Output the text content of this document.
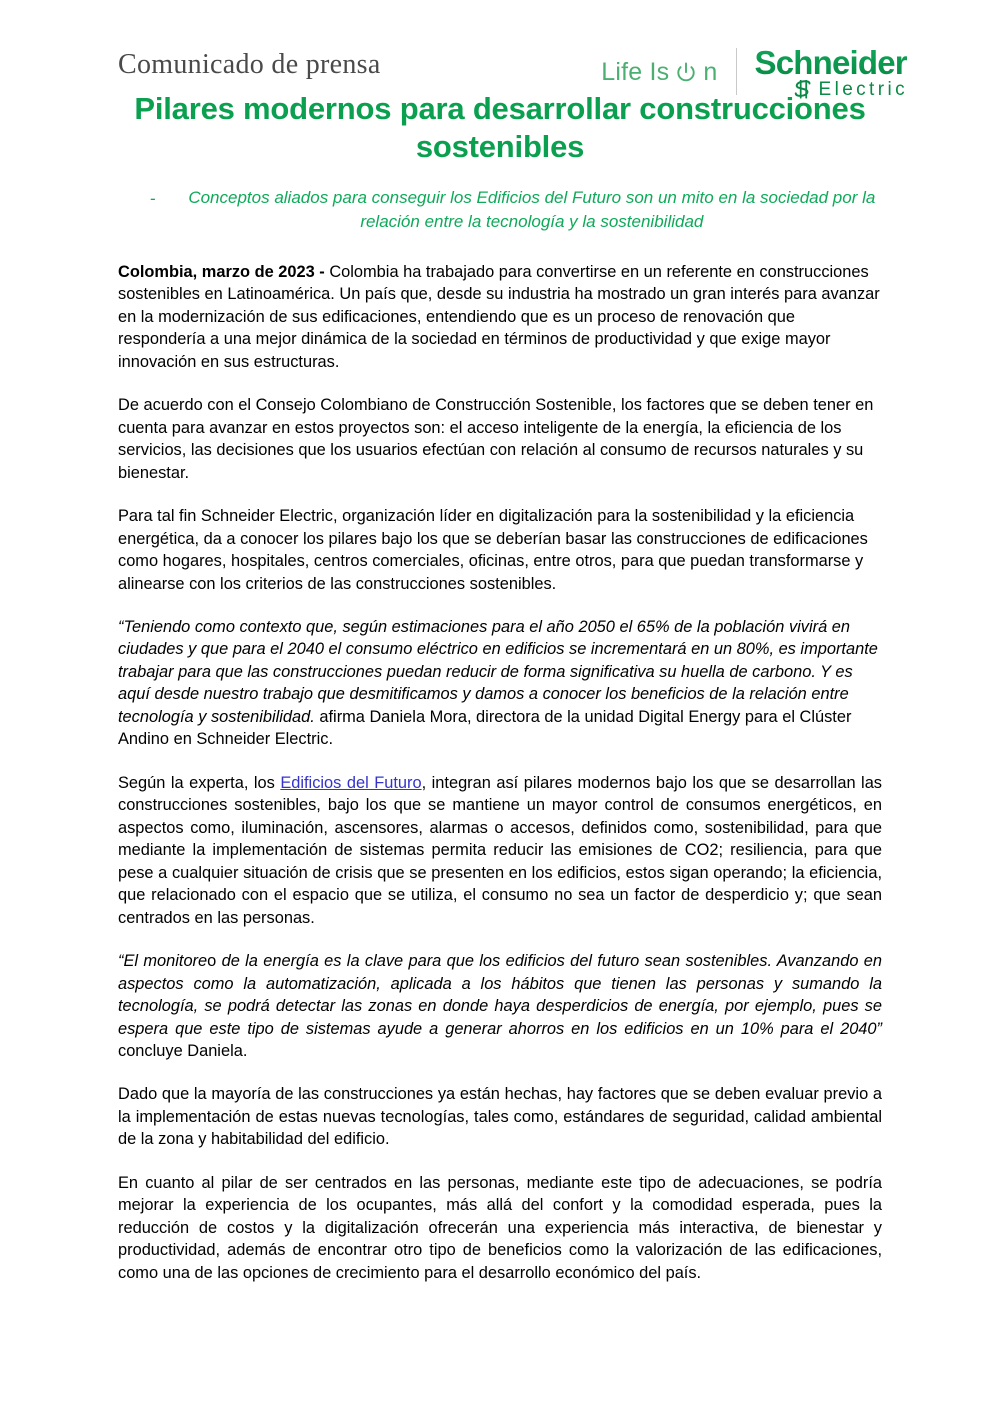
Comunicado de prensa	Life Is n Schneider
Electric
Pilares modernos para desarrollar construcciones sostenibles
-	Conceptos aliados para conseguir los Edificios del Futuro son un mito en la sociedad por la relación entre la tecnología y la sostenibilidad

Colombia, marzo de 2023 - Colombia ha trabajado para convertirse en un referente en construcciones sostenibles en Latinoamérica. Un país que, desde su industria ha mostrado un gran interés para avanzar en la modernización de sus edificaciones, entendiendo que es un proceso de renovación que respondería a una mejor dinámica de la sociedad en términos de productividad y que exige mayor innovación en sus estructuras.

De acuerdo con el Consejo Colombiano de Construcción Sostenible, los factores que se deben tener en cuenta para avanzar en estos proyectos son: el acceso inteligente de la energía, la eficiencia de los servicios, las decisiones que los usuarios efectúan con relación al consumo de recursos naturales y su bienestar.

Para tal fin Schneider Electric, organización líder en digitalización para la sostenibilidad y la eficiencia energética, da a conocer los pilares bajo los que se deberían basar las construcciones de edificaciones como hogares, hospitales, centros comerciales, oficinas, entre otros, para que puedan transformarse y alinearse con los criterios de las construcciones sostenibles.

“Teniendo como contexto que, según estimaciones para el año 2050 el 65% de la población vivirá en ciudades y que para el 2040 el consumo eléctrico en edificios se incrementará en un 80%, es importante trabajar para que las construcciones puedan reducir de forma significativa su huella de carbono. Y es aquí desde nuestro trabajo que desmitificamos y damos a conocer los beneficios de la relación entre tecnología y sostenibilidad. afirma Daniela Mora, directora de la unidad Digital Energy para el Clúster Andino en Schneider Electric.

Según la experta, los Edificios del Futuro, integran así pilares modernos bajo los que se desarrollan las construcciones sostenibles, bajo los que se mantiene un mayor control de consumos energéticos, en aspectos como, iluminación, ascensores, alarmas o accesos, definidos como, sostenibilidad, para que mediante la implementación de sistemas permita reducir las emisiones de CO2; resiliencia, para que pese a cualquier situación de crisis que se presenten en los edificios, estos sigan operando; la eficiencia, que relacionado con el espacio que se utiliza, el consumo no sea un factor de desperdicio y; que sean centrados en las personas.

“El monitoreo de la energía es la clave para que los edificios del futuro sean sostenibles. Avanzando en aspectos como la automatización, aplicada a los hábitos que tienen las personas y sumando la tecnología, se podrá detectar las zonas en donde haya desperdicios de energía, por ejemplo, pues se espera que este tipo de sistemas ayude a generar ahorros en los edificios en un 10% para el 2040” concluye Daniela.

Dado que la mayoría de las construcciones ya están hechas, hay factores que se deben evaluar previo a la implementación de estas nuevas tecnologías, tales como, estándares de seguridad, calidad ambiental de la zona y habitabilidad del edificio.

En cuanto al pilar de ser centrados en las personas, mediante este tipo de adecuaciones, se podría mejorar la experiencia de los ocupantes, más allá del confort y la comodidad esperada, pues la reducción de costos y la digitalización ofrecerán una experiencia más interactiva, de bienestar y productividad, además de encontrar otro tipo de beneficios como la valorización de las edificaciones, como una de las opciones de crecimiento para el desarrollo económico del país.
